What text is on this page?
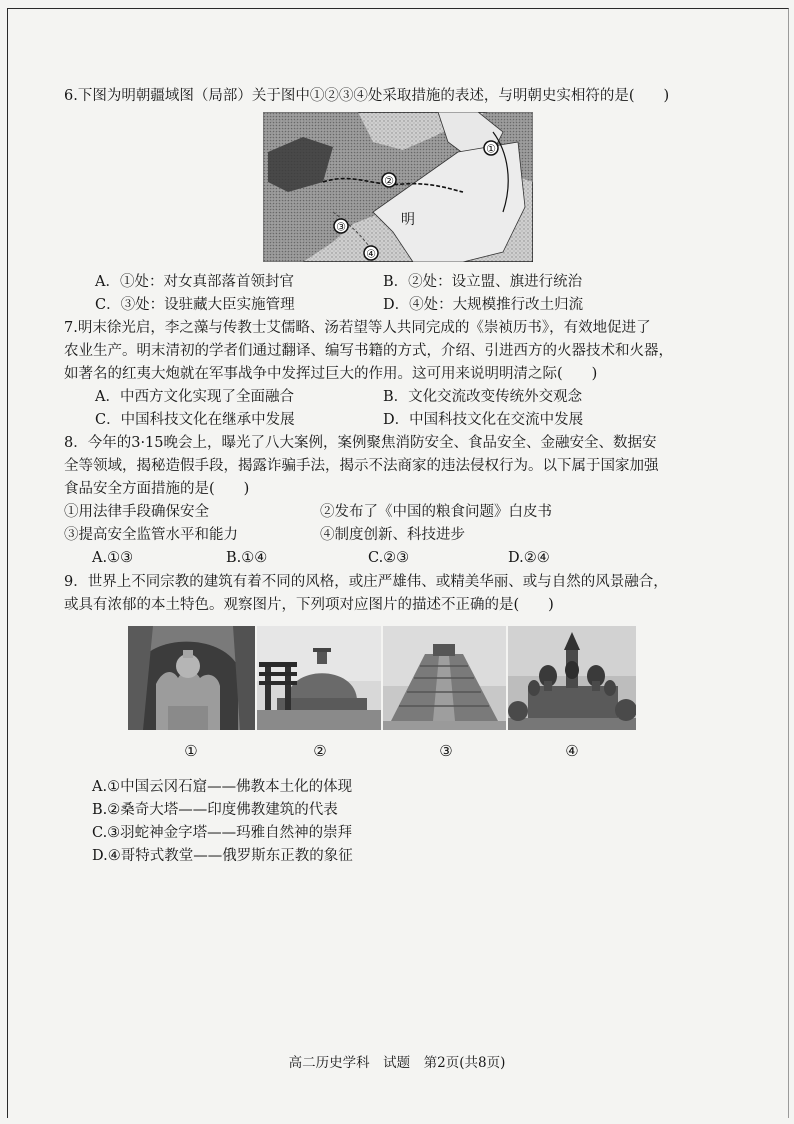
6.下图为明朝疆域图（局部）关于图中①②③④处采取措施的表述，与明朝史实相符的是(　　)
①
②
③
④
明
A．①处：对女真部落首领封官	B．②处：设立盟、旗进行统治
C．③处：设驻藏大臣实施管理	D．④处：大规模推行改土归流
7.明末徐光启，李之藻与传教士艾儒略、汤若望等人共同完成的《崇祯历书》，有效地促进了
农业生产。明末清初的学者们通过翻译、编写书籍的方式，介绍、引进西方的火器技术和火器，
如著名的红夷大炮就在军事战争中发挥过巨大的作用。这可用来说明明清之际(　　)
A．中西方文化实现了全面融合	B．文化交流改变传统外交观念
C．中国科技文化在继承中发展	D．中国科技文化在交流中发展
8．今年的3·15晚会上，曝光了八大案例，案例聚焦消防安全、食品安全、金融安全、数据安
全等领域，揭秘造假手段，揭露诈骗手法，揭示不法商家的违法侵权行为。以下属于国家加强
食品安全方面措施的是(　　)
①用法律手段确保安全	②发布了《中国的粮食问题》白皮书
③提高安全监管水平和能力	④制度创新、科技进步
A.①③	B.①④	C.②③	D.②④
9．世界上不同宗教的建筑有着不同的风格，或庄严雄伟、或精美华丽、或与自然的风景融合，
或具有浓郁的本土特色。观察图片，下列项对应图片的描述不正确的是(　　)
①	②	③	④
A.①中国云冈石窟——佛教本土化的体现
B.②桑奇大塔——印度佛教建筑的代表
C.③羽蛇神金字塔——玛雅自然神的崇拜
D.④哥特式教堂——俄罗斯东正教的象征
高二历史学科　试题　第2页(共8页)
